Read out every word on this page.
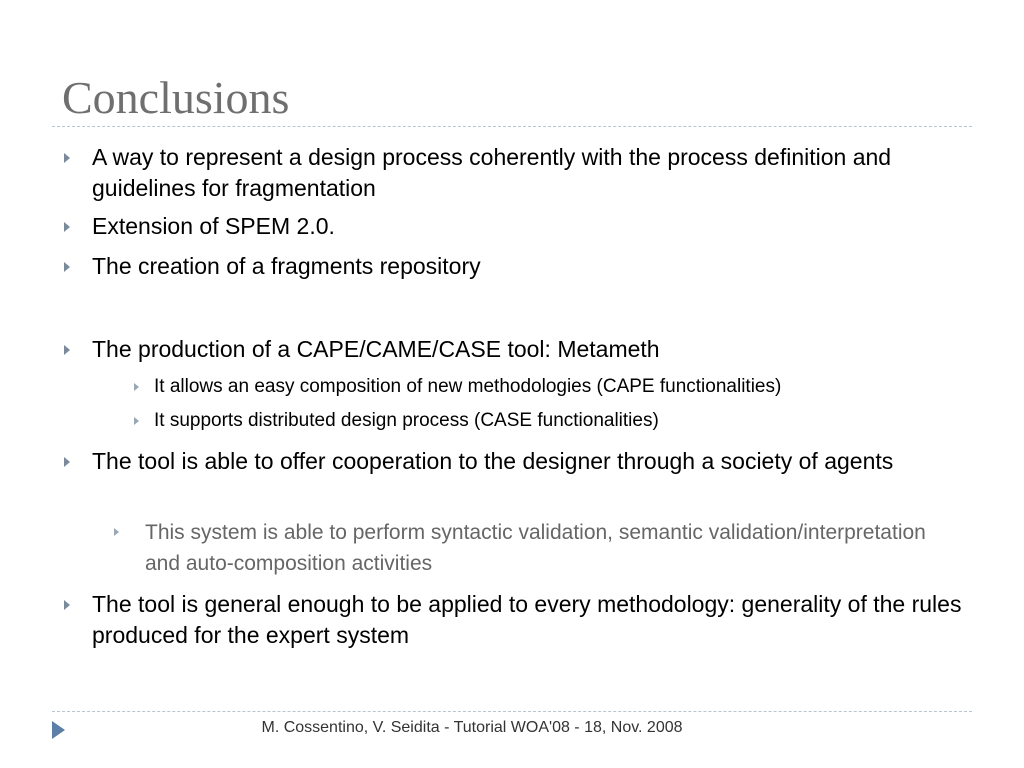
Conclusions

A way to represent a design process coherently with the process definition and guidelines for fragmentation

Extension of SPEM 2.0.

The creation of a fragments repository

The production of a CAPE/CAME/CASE tool: Metameth

It allows an easy composition of new methodologies (CAPE functionalities)

It supports distributed design process (CASE functionalities)

The tool is able to offer cooperation to the designer through a society of agents

This system is able to perform syntactic validation, semantic validation/interpretation and auto-composition activities

The tool is general enough to be applied to every methodology: generality of the rules produced for the expert system

M. Cossentino, V. Seidita - Tutorial WOA'08 - 18, Nov. 2008
